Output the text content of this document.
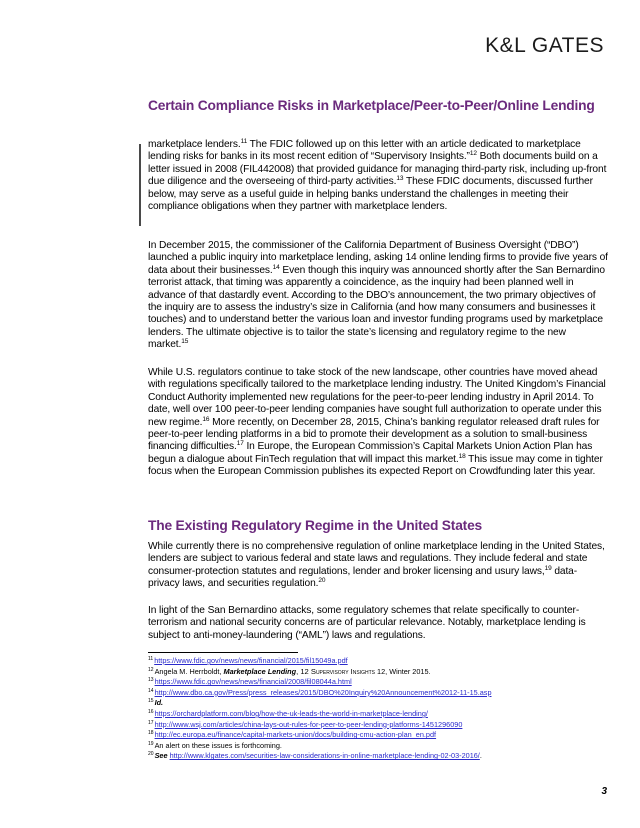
K&L GATES
Certain Compliance Risks in Marketplace/Peer-to-Peer/Online Lending
marketplace lenders.$^{11}$ The FDIC followed up on this letter with an article dedicated to marketplace lending risks for banks in its most recent edition of “Supervisory Insights.”$^{12}$ Both documents build on a letter issued in 2008 (FIL442008) that provided guidance for managing third-party risk, including up-front due diligence and the overseeing of third-party activities.$^{13}$ These FDIC documents, discussed further below, may serve as a useful guide in helping banks understand the challenges in meeting their compliance obligations when they partner with marketplace lenders.
In December 2015, the commissioner of the California Department of Business Oversight (“DBO”) launched a public inquiry into marketplace lending, asking 14 online lending firms to provide five years of data about their businesses.$^{14}$ Even though this inquiry was announced shortly after the San Bernardino terrorist attack, that timing was apparently a coincidence, as the inquiry had been planned well in advance of that dastardly event. According to the DBO’s announcement, the two primary objectives of the inquiry are to assess the industry’s size in California (and how many consumers and businesses it touches) and to understand better the various loan and investor funding programs used by marketplace lenders. The ultimate objective is to tailor the state’s licensing and regulatory regime to the new market.$^{15}$
While U.S. regulators continue to take stock of the new landscape, other countries have moved ahead with regulations specifically tailored to the marketplace lending industry. The United Kingdom’s Financial Conduct Authority implemented new regulations for the peer-to-peer lending industry in April 2014. To date, well over 100 peer-to-peer lending companies have sought full authorization to operate under this new regime.$^{16}$ More recently, on December 28, 2015, China’s banking regulator released draft rules for peer-to-peer lending platforms in a bid to promote their development as a solution to small-business financing difficulties.$^{17}$ In Europe, the European Commission’s Capital Markets Union Action Plan has begun a dialogue about FinTech regulation that will impact this market.$^{18}$ This issue may come in tighter focus when the European Commission publishes its expected Report on Crowdfunding later this year.
The Existing Regulatory Regime in the United States
While currently there is no comprehensive regulation of online marketplace lending in the United States, lenders are subject to various federal and state laws and regulations. They include federal and state consumer-protection statutes and regulations, lender and broker licensing and usury laws,$^{19}$ data-privacy laws, and securities regulation.$^{20}$
In light of the San Bernardino attacks, some regulatory schemes that relate specifically to counter-terrorism and national security concerns are of particular relevance. Notably, marketplace lending is subject to anti-money-laundering (“AML”) laws and regulations.
$^{11}$https://www.fdic.gov/news/news/financial/2015/fil15049a.pdf
$^{12}$Angela M. Herrboldt, Marketplace Lending, 12 Supervisory Insights 12, Winter 2015.
$^{13}$https://www.fdic.gov/news/news/financial/2008/fil08044a.html
$^{14}$http://www.dbo.ca.gov/Press/press_releases/2015/DBO%20Inquiry%20Announcement%2012-11-15.asp
$^{15}$Id.
$^{16}$https://orchardplatform.com/blog/how-the-uk-leads-the-world-in-marketplace-lending/
$^{17}$http://www.wsj.com/articles/china-lays-out-rules-for-peer-to-peer-lending-platforms-1451296090
$^{18}$http://ec.europa.eu/finance/capital-markets-union/docs/building-cmu-action-plan_en.pdf
$^{19}$An alert on these issues is forthcoming.
$^{20}$See http://www.klgates.com/securities-law-considerations-in-online-marketplace-lending-02-03-2016/.
3
